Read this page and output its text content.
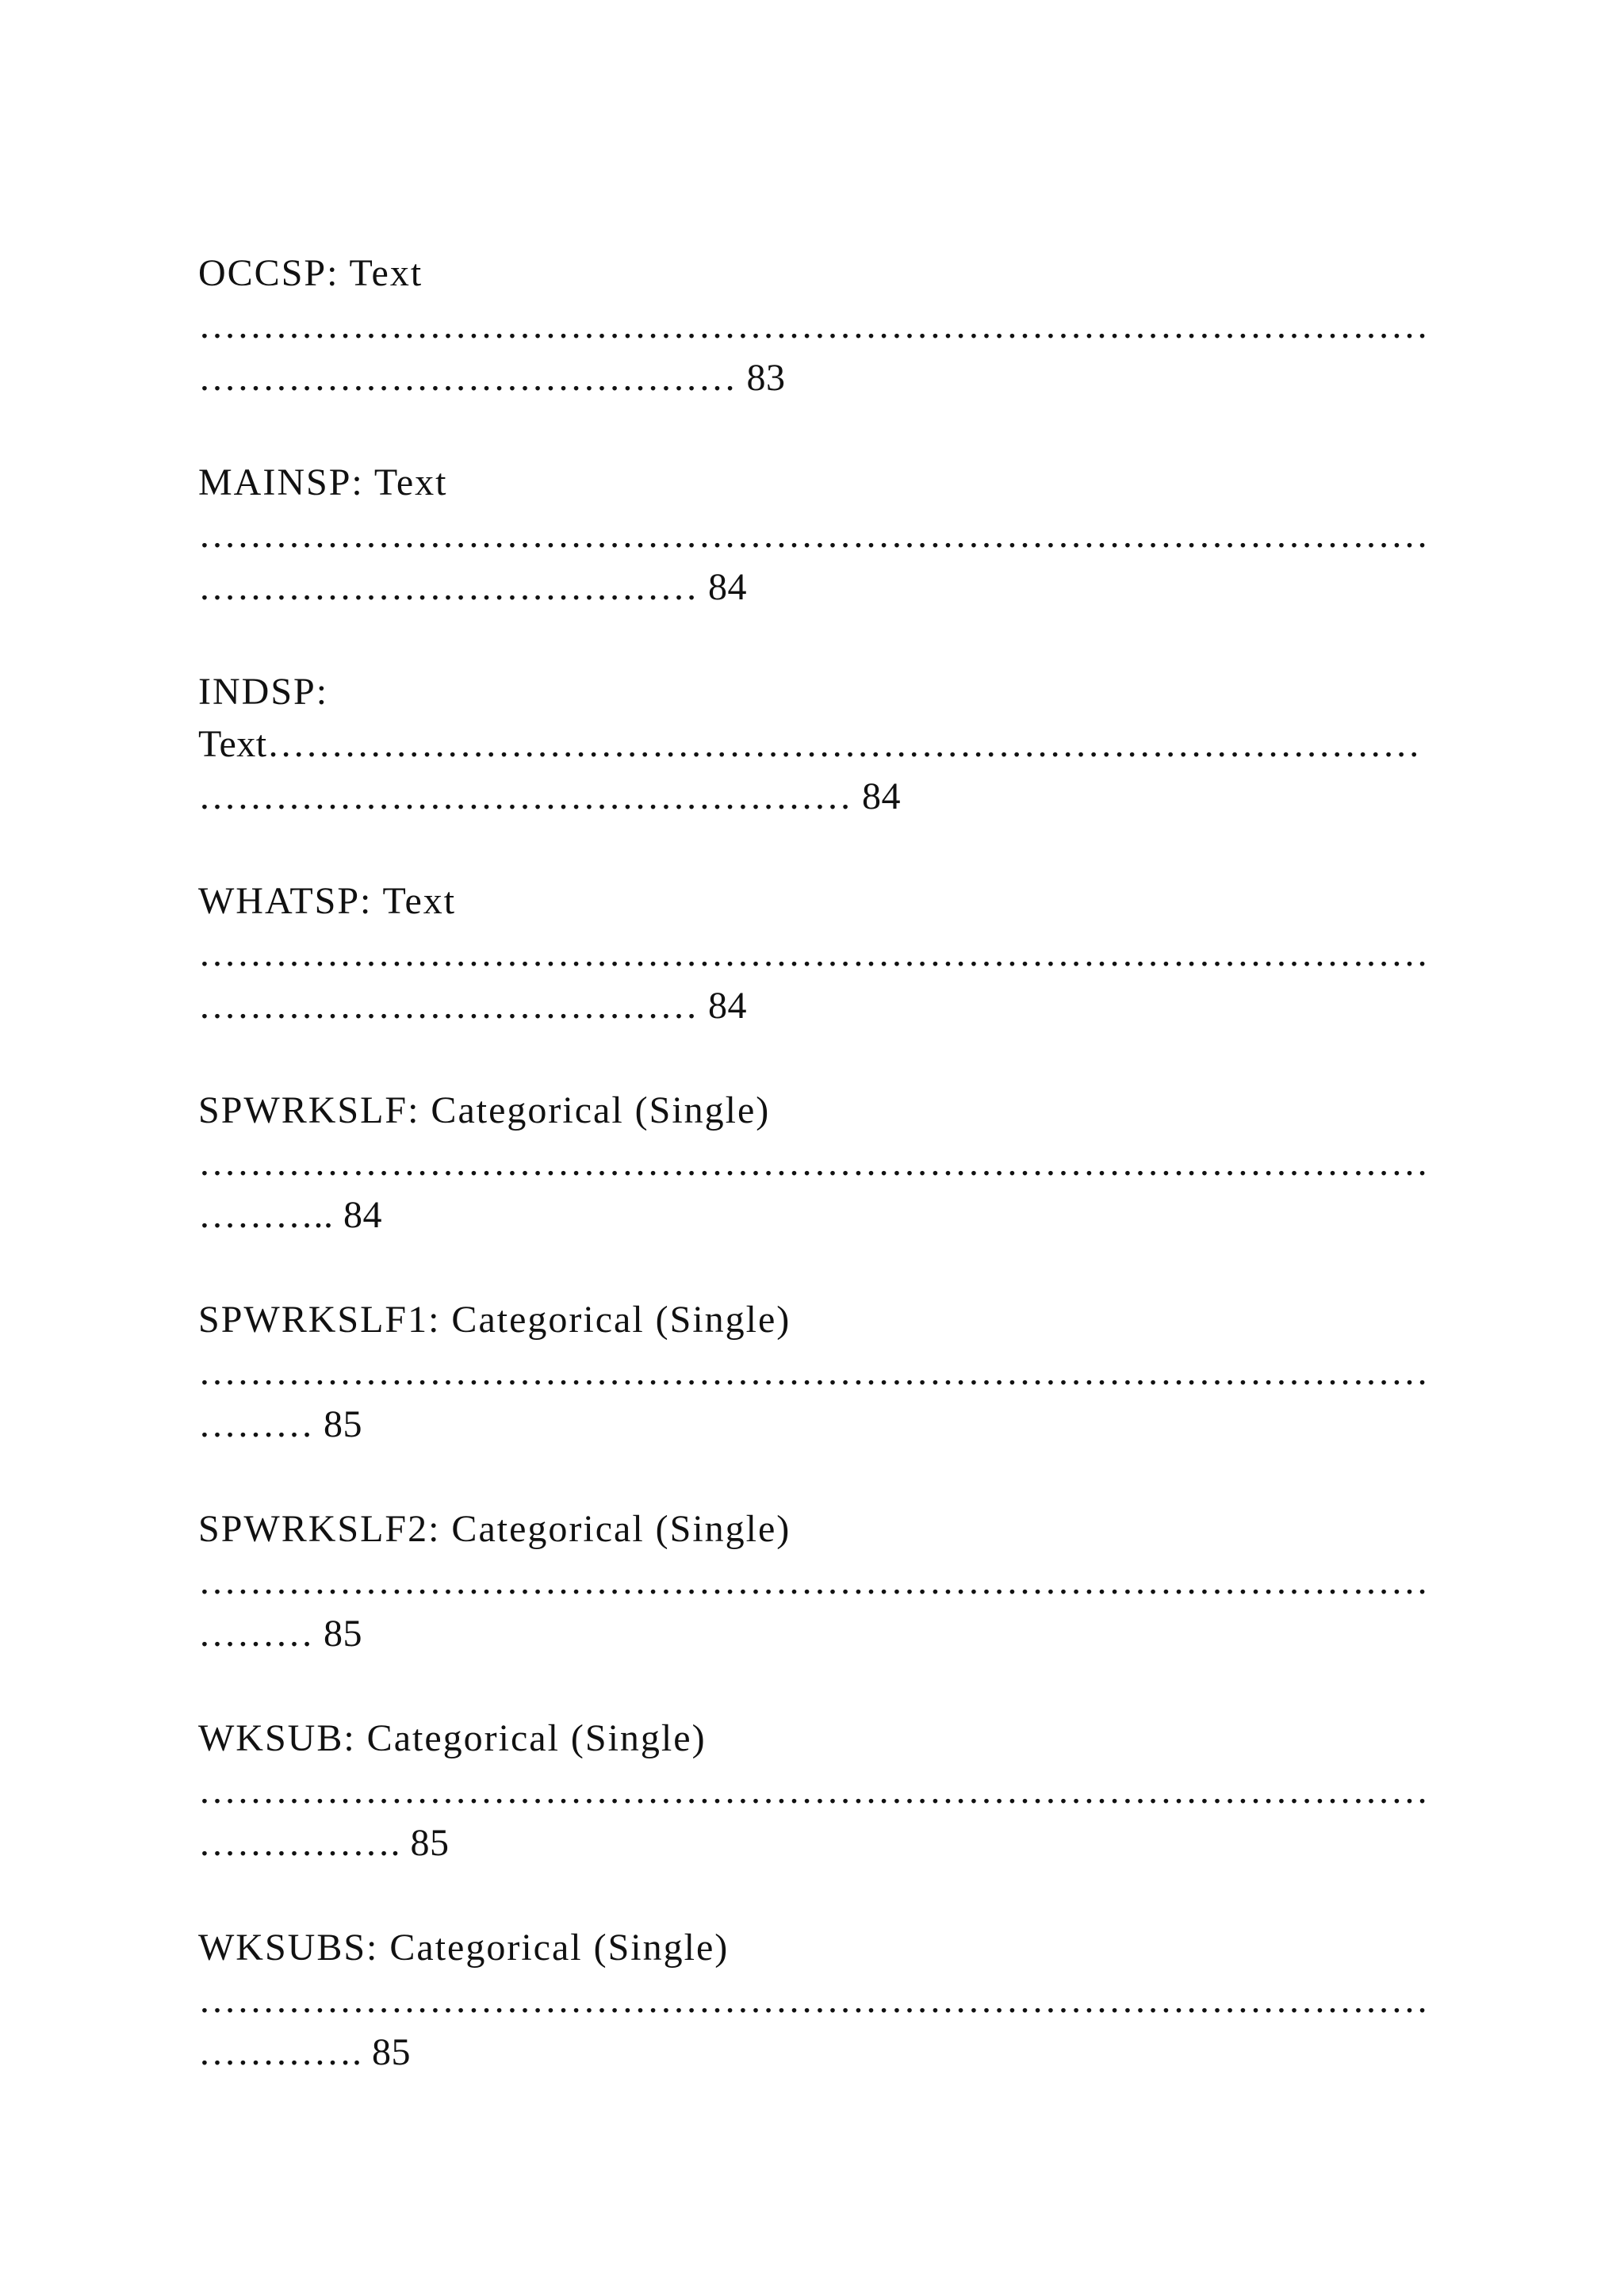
OCCSP: Text
……………………………………………………………………………………
…………………………………… 83
MAINSP: Text
……………………………………………………………………………………
………………………………… 84
INDSP:
Text………………………………………………………………………………
…………………………………………… 84
WHATSP: Text
……………………………………………………………………………………
………………………………… 84
SPWRKSLF: Categorical (Single)
……………………………………………………………………………………
……….. 84
SPWRKSLF1: Categorical (Single)
……………………………………………………………………………………
……… 85
SPWRKSLF2: Categorical (Single)
……………………………………………………………………………………
……… 85
WKSUB: Categorical (Single)
……………………………………………………………………………………
……………. 85
WKSUBS: Categorical (Single)
……………………………………………………………………………………
…………. 85
